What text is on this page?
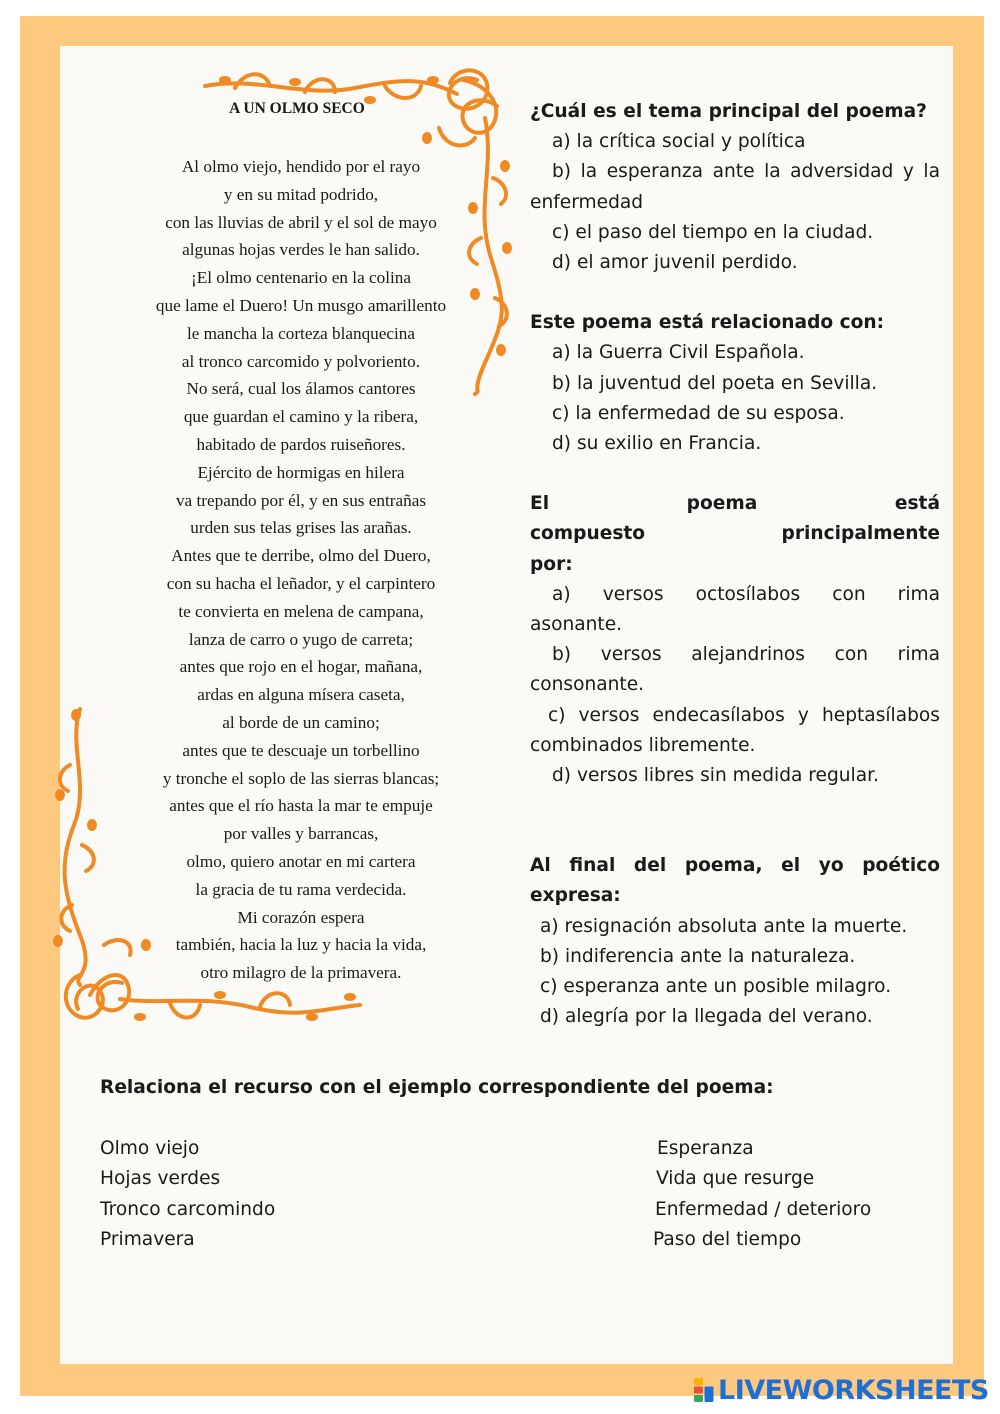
A UN OLMO SECO
Al olmo viejo, hendido por el rayo
y en su mitad podrido,
con las lluvias de abril y el sol de mayo
algunas hojas verdes le han salido.
¡El olmo centenario en la colina
que lame el Duero! Un musgo amarillento
le mancha la corteza blanquecina
al tronco carcomido y polvoriento.
No será, cual los álamos cantores
que guardan el camino y la ribera,
habitado de pardos ruiseñores.
Ejército de hormigas en hilera
va trepando por él, y en sus entrañas
urden sus telas grises las arañas.
Antes que te derribe, olmo del Duero,
con su hacha el leñador, y el carpintero
te convierta en melena de campana,
lanza de carro o yugo de carreta;
antes que rojo en el hogar, mañana,
ardas en alguna mísera caseta,
al borde de un camino;
antes que te descuaje un torbellino
y tronche el soplo de las sierras blancas;
antes que el río hasta la mar te empuje
por valles y barrancas,
olmo, quiero anotar en mi cartera
la gracia de tu rama verdecida.
Mi corazón espera
también, hacia la luz y hacia la vida,
otro milagro de la primavera.
¿Cuál es el tema principal del poema?
a) la crítica social y política
b) la esperanza ante la adversidad y la enfermedad
c) el paso del tiempo en la ciudad.
d) el amor juvenil perdido.
Este poema está relacionado con:
a) la Guerra Civil Española.
b) la juventud del poeta en Sevilla.
c) la enfermedad de su esposa.
d) su exilio en Francia.
El poema está compuesto principalmente por:
a) versos octosílabos con rima asonante.
b) versos alejandrinos con rima consonante.
c) versos endecasílabos y heptasílabos combinados libremente.
d) versos libres sin medida regular.
Al final del poema, el yo poético expresa:
a) resignación absoluta ante la muerte.
b) indiferencia ante la naturaleza.
c) esperanza ante un posible milagro.
d) alegría por la llegada del verano.
Relaciona el recurso con el ejemplo correspondiente del poema:
Olmo viejo	Esperanza
Hojas verdes	Vida que resurge
Tronco carcomindo	Enfermedad / deterioro
Primavera	Paso del tiempo
LIVEWORKSHEETS
